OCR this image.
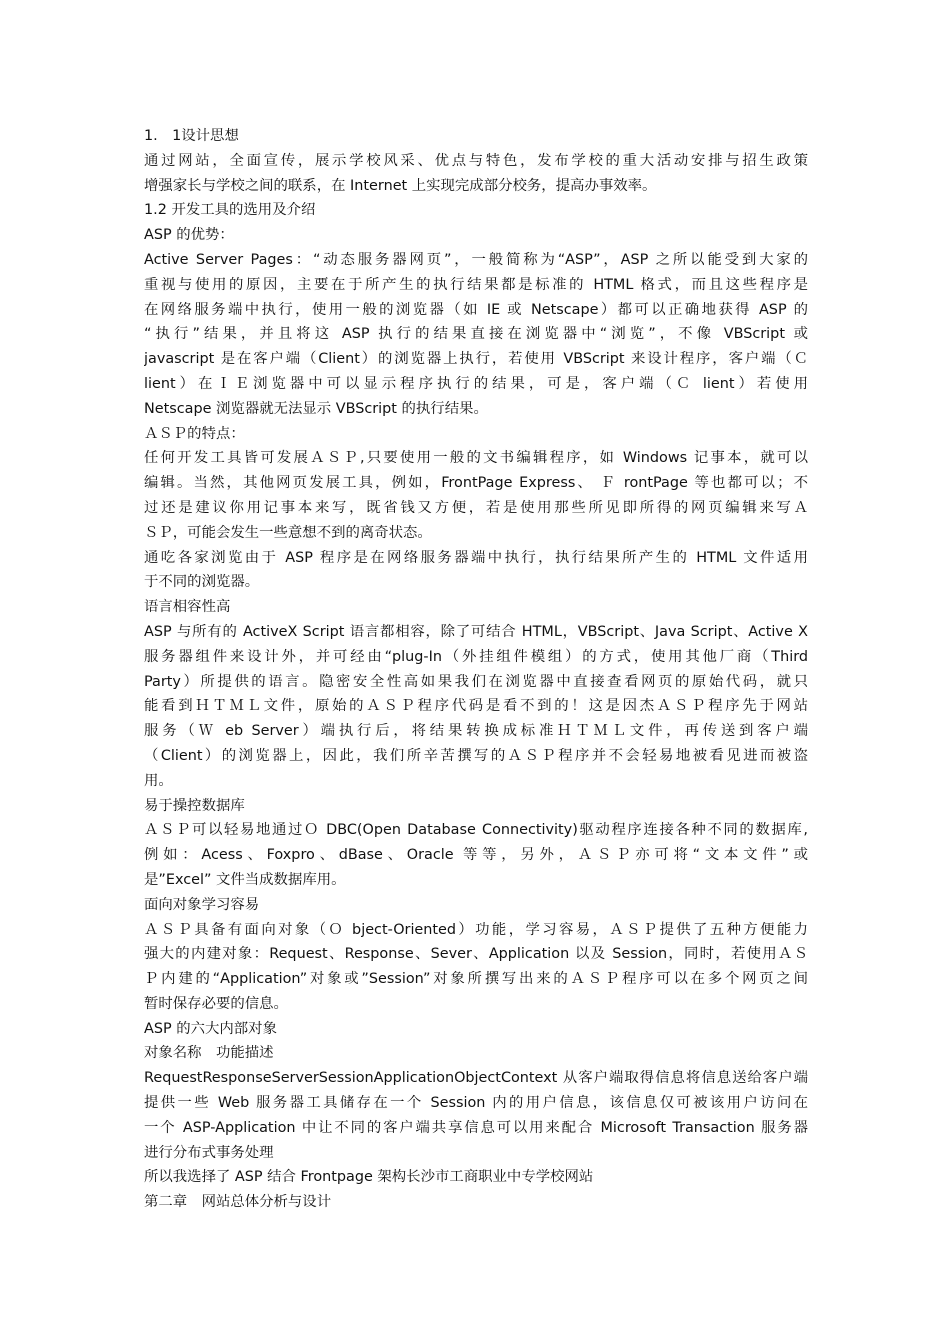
1.　1设计思想
通过网站，全面宣传，展示学校风采、优点与特色，发布学校的重大活动安排与招生政策
增强家长与学校之间的联系，在 Internet 上实现完成部分校务，提高办事效率。
1.2 开发工具的选用及介绍
ASP 的优势：
Active Server Pages：“动态服务器网页”，一般简称为“ASP”，ASP 之所以能受到大家的
重视与使用的原因，主要在于所产生的执行结果都是标准的 HTML 格式，而且这些程序是
在网络服务端中执行，使用一般的浏览器（如 IE 或 Netscape）都可以正确地获得 ASP 的
“执行”结果，并且将这 ASP 执行的结果直接在浏览器中“浏览”，不像 VBScript 或
javascript 是在客户端（Client）的浏览器上执行，若使用 VBScript 来设计程序，客户端（Ｃ
lient）在ＩＥ浏览器中可以显示程序执行的结果，可是，客户端（Ｃ lient）若使用
Netscape 浏览器就无法显示 VBScript 的执行结果。
ＡＳＰ的特点：
任何开发工具皆可发展ＡＳＰ,只要使用一般的文书编辑程序，如 Windows 记事本，就可以
编辑。当然，其他网页发展工具，例如，FrontPage Express、 Ｆ rontPage 等也都可以；不
过还是建议你用记事本来写，既省钱又方便，若是使用那些所见即所得的网页编辑来写Ａ
ＳＰ，可能会发生一些意想不到的离奇状态。
通吃各家浏览由于 ASP 程序是在网络服务器端中执行，执行结果所产生的 HTML 文件适用
于不同的浏览器。
语言相容性高
ASP 与所有的 ActiveX Script 语言都相容，除了可结合 HTML，VBScript、Java Script、Active X
服务器组件来设计外，并可经由“plug-In（外挂组件模组）的方式，使用其他厂商（Third
Party）所提供的语言。隐密安全性高如果我们在浏览器中直接查看网页的原始代码，就只
能看到ＨＴＭＬ文件，原始的ＡＳＰ程序代码是看不到的！这是因杰ＡＳＰ程序先于网站
服务（Ｗ eb Server）端执行后，将结果转换成标准ＨＴＭＬ文件，再传送到客户端
（Client）的浏览器上，因此，我们所辛苦撰写的ＡＳＰ程序并不会轻易地被看见进而被盗
用。
易于操控数据库
ＡＳＰ可以轻易地通过Ｏ DBC(Open Database Connectivity)驱动程序连接各种不同的数据库,
例如：Acess、Foxpro、dBase、Oracle 等等，另外，ＡＳＰ亦可将“文本文件”或
是”Excel” 文件当成数据库用。
面向对象学习容易
ＡＳＰ具备有面向对象（Ｏ bject-Oriented）功能，学习容易，ＡＳＰ提供了五种方便能力
强大的内建对象：Request、Response、Sever、Application 以及 Session，同时，若使用ＡＳ
Ｐ内建的“Application”对象或”Session”对象所撰写出来的ＡＳＰ程序可以在多个网页之间
暂时保存必要的信息。
ASP 的六大内部对象
对象名称　功能描述
RequestResponseServerSessionApplicationObjectContext 从客户端取得信息将信息送给客户端
提供一些 Web 服务器工具储存在一个 Session 内的用户信息，该信息仅可被该用户访问在
一个 ASP-Application 中让不同的客户端共享信息可以用来配合 Microsoft Transaction 服务器
进行分布式事务处理
所以我选择了 ASP 结合 Frontpage 架构长沙市工商职业中专学校网站
第二章　网站总体分析与设计
